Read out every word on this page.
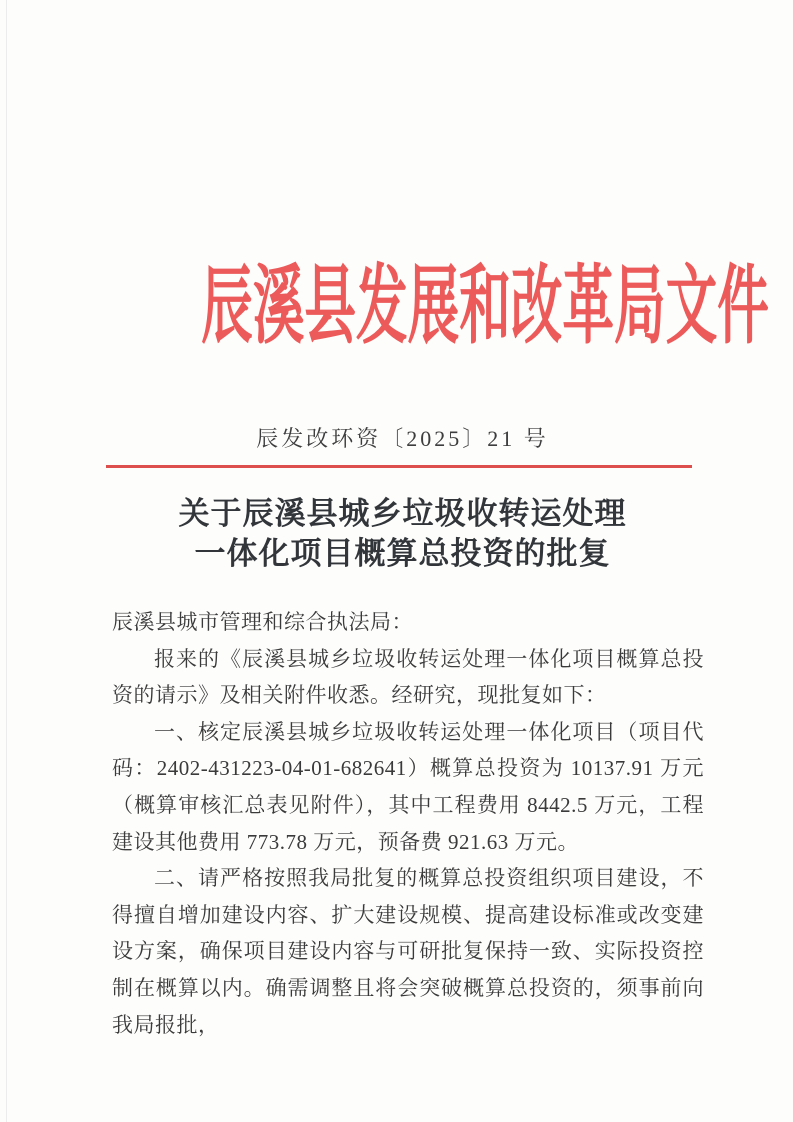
辰溪县发展和改革局文件
辰发改环资〔2025〕21 号
关于辰溪县城乡垃圾收转运处理
一体化项目概算总投资的批复

辰溪县城市管理和综合执法局：

报来的《辰溪县城乡垃圾收转运处理一体化项目概算总投资的请示》及相关附件收悉。经研究，现批复如下：

一、核定辰溪县城乡垃圾收转运处理一体化项目（项目代码：2402-431223-04-01-682641）概算总投资为 10137.91 万元（概算审核汇总表见附件），其中工程费用 8442.5 万元，工程建设其他费用 773.78 万元，预备费 921.63 万元。

二、请严格按照我局批复的概算总投资组织项目建设，不得擅自增加建设内容、扩大建设规模、提高建设标准或改变建设方案，确保项目建设内容与可研批复保持一致、实际投资控制在概算以内。确需调整且将会突破概算总投资的，须事前向我局报批，
